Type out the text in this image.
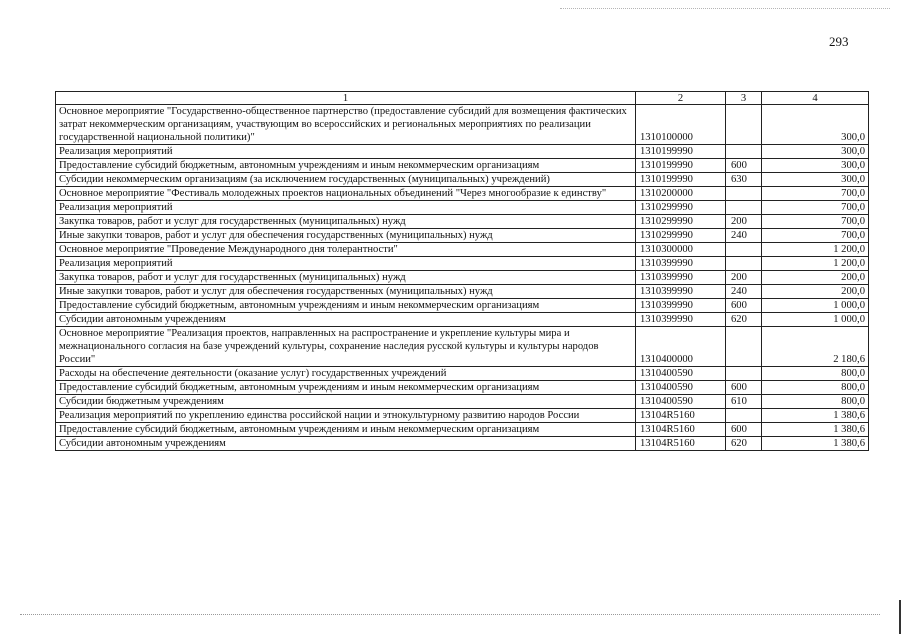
293
1	2	3	4
Основное мероприятие "Государственно-общественное партнерство (предоставление субсидий для возмещения фактических затрат некоммерческим организациям, участвующим во всероссийских и региональных мероприятиях по реализации государственной национальной политики)"	1310100000		300,0
Реализация мероприятий	1310199990		300,0
Предоставление субсидий бюджетным, автономным учреждениям и иным некоммерческим организациям	1310199990	600	300,0
Субсидии некоммерческим организациям (за исключением государственных (муниципальных) учреждений)	1310199990	630	300,0
Основное мероприятие "Фестиваль молодежных проектов национальных объединений "Через многообразие к единству"	1310200000		700,0
Реализация мероприятий	1310299990		700,0
Закупка товаров, работ и услуг для государственных (муниципальных) нужд	1310299990	200	700,0
Иные закупки товаров, работ и услуг для обеспечения государственных (муниципальных) нужд	1310299990	240	700,0
Основное мероприятие "Проведение Международного дня толерантности"	1310300000		1 200,0
Реализация мероприятий	1310399990		1 200,0
Закупка товаров, работ и услуг для государственных (муниципальных) нужд	1310399990	200	200,0
Иные закупки товаров, работ и услуг для обеспечения государственных (муниципальных) нужд	1310399990	240	200,0
Предоставление субсидий бюджетным, автономным учреждениям и иным некоммерческим организациям	1310399990	600	1 000,0
Субсидии автономным учреждениям	1310399990	620	1 000,0
Основное мероприятие "Реализация проектов, направленных на распространение и укрепление культуры мира и межнационального согласия на базе учреждений культуры, сохранение наследия русской культуры и культуры народов России"	1310400000		2 180,6
Расходы на обеспечение деятельности (оказание услуг) государственных учреждений	1310400590		800,0
Предоставление субсидий бюджетным, автономным учреждениям и иным некоммерческим организациям	1310400590	600	800,0
Субсидии бюджетным учреждениям	1310400590	610	800,0
Реализация мероприятий по укреплению единства российской нации и этнокультурному развитию народов России	13104R5160		1 380,6
Предоставление субсидий бюджетным, автономным учреждениям и иным некоммерческим организациям	13104R5160	600	1 380,6
Субсидии автономным учреждениям	13104R5160	620	1 380,6
